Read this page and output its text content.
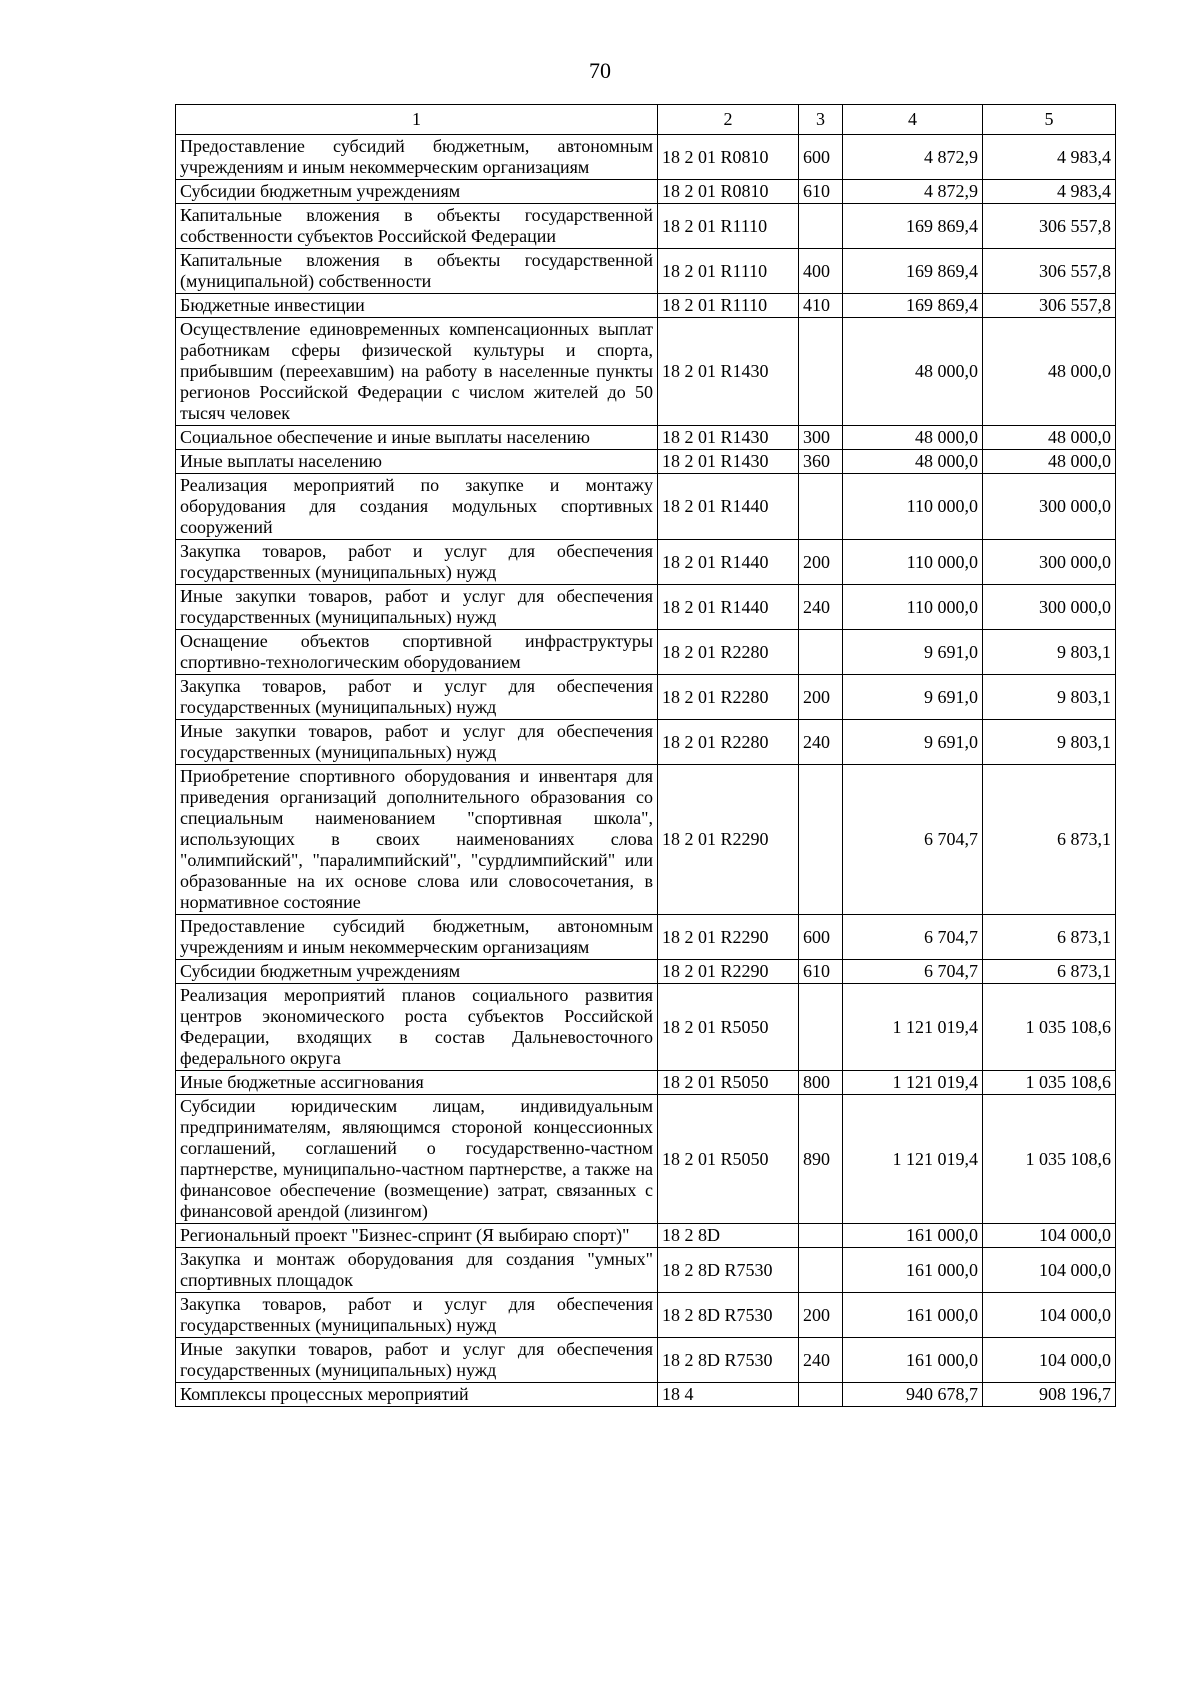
70
1	2	3	4	5
Предоставление субсидий бюджетным, автономным учреждениям и иным некоммерческим организациям	18 2 01 R0810	600	4 872,9	4 983,4
Субсидии бюджетным учреждениям	18 2 01 R0810	610	4 872,9	4 983,4
Капитальные вложения в объекты государственной собственности субъектов Российской Федерации	18 2 01 R1110		169 869,4	306 557,8
Капитальные вложения в объекты государственной (муниципальной) собственности	18 2 01 R1110	400	169 869,4	306 557,8
Бюджетные инвестиции	18 2 01 R1110	410	169 869,4	306 557,8
Осуществление единовременных компенсационных выплат работникам сферы физической культуры и спорта, прибывшим (переехавшим) на работу в населенные пункты регионов Российской Федерации с числом жителей до 50 тысяч человек	18 2 01 R1430		48 000,0	48 000,0
Социальное обеспечение и иные выплаты населению	18 2 01 R1430	300	48 000,0	48 000,0
Иные выплаты населению	18 2 01 R1430	360	48 000,0	48 000,0
Реализация мероприятий по закупке и монтажу оборудования для создания модульных спортивных сооружений	18 2 01 R1440		110 000,0	300 000,0
Закупка товаров, работ и услуг для обеспечения государственных (муниципальных) нужд	18 2 01 R1440	200	110 000,0	300 000,0
Иные закупки товаров, работ и услуг для обеспечения государственных (муниципальных) нужд	18 2 01 R1440	240	110 000,0	300 000,0
Оснащение объектов спортивной инфраструктуры спортивно-технологическим оборудованием	18 2 01 R2280		9 691,0	9 803,1
Закупка товаров, работ и услуг для обеспечения государственных (муниципальных) нужд	18 2 01 R2280	200	9 691,0	9 803,1
Иные закупки товаров, работ и услуг для обеспечения государственных (муниципальных) нужд	18 2 01 R2280	240	9 691,0	9 803,1
Приобретение спортивного оборудования и инвентаря для приведения организаций дополнительного образования со специальным наименованием "спортивная школа", использующих в своих наименованиях слова "олимпийский", "паралимпийский", "сурдлимпийский" или образованные на их основе слова или словосочетания, в нормативное состояние	18 2 01 R2290		6 704,7	6 873,1
Предоставление субсидий бюджетным, автономным учреждениям и иным некоммерческим организациям	18 2 01 R2290	600	6 704,7	6 873,1
Субсидии бюджетным учреждениям	18 2 01 R2290	610	6 704,7	6 873,1
Реализация мероприятий планов социального развития центров экономического роста субъектов Российской Федерации, входящих в состав Дальневосточного федерального округа	18 2 01 R5050		1 121 019,4	1 035 108,6
Иные бюджетные ассигнования	18 2 01 R5050	800	1 121 019,4	1 035 108,6
Субсидии юридическим лицам, индивидуальным предпринимателям, являющимся стороной концессионных соглашений, соглашений о государственно-частном партнерстве, муниципально-частном партнерстве, а также на финансовое обеспечение (возмещение) затрат, связанных с финансовой арендой (лизингом)	18 2 01 R5050	890	1 121 019,4	1 035 108,6
Региональный проект "Бизнес-спринт (Я выбираю спорт)"	18 2 8D		161 000,0	104 000,0
Закупка и монтаж оборудования для создания "умных" спортивных площадок	18 2 8D R7530		161 000,0	104 000,0
Закупка товаров, работ и услуг для обеспечения государственных (муниципальных) нужд	18 2 8D R7530	200	161 000,0	104 000,0
Иные закупки товаров, работ и услуг для обеспечения государственных (муниципальных) нужд	18 2 8D R7530	240	161 000,0	104 000,0
Комплексы процессных мероприятий	18 4		940 678,7	908 196,7
